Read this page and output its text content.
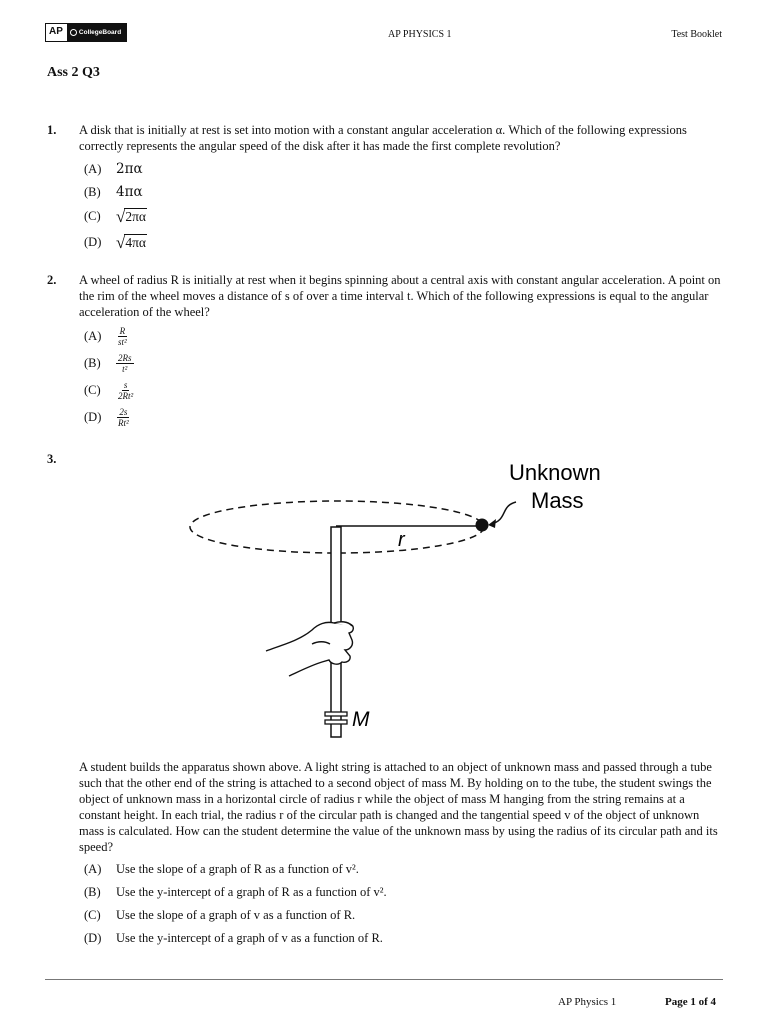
AP	CollegeBoard	AP PHYSICS 1	Test Booklet
Ass 2 Q3
1. A disk that is initially at rest is set into motion with a constant angular acceleration α. Which of the following expressions correctly represents the angular speed of the disk after it has made the first complete revolution?
(A)	2πα
(B)	4πα
(C) √ 2πα
(D) √ 4πα
2. A wheel of radius R is initially at rest when it begins spinning about a central axis with constant angular acceleration. A point on the rim of the wheel moves a distance of s of over a time interval t. Which of the following expressions is equal to the angular acceleration of the wheel?
(A)	$\frac{R}{\text{st²}}$
(B)	$\frac{2Rs}{\text{t²}}$
(C)	$\frac{s}{\text{2Rt²}}$
(D)	$\frac{2s}{\text{Rt²}}$
3.
Unknown
Mass
r
M
A student builds the apparatus shown above. A light string is attached to an object of unknown mass and passed through a tube such that the other end of the string is attached to a second object of mass M. By holding on to the tube, the student swings the object of unknown mass in a horizontal circle of radius r while the object of mass M hanging from the string remains at a constant height. In each trial, the radius r of the circular path is changed and the tangential speed v of the object of unknown mass is calculated. How can the student determine the value of the unknown mass by using the radius of its circular path and its speed?
(A)	Use the slope of a graph of R as a function of v².
(B)	Use the y-intercept of a graph of R as a function of v².
(C)	Use the slope of a graph of v as a function of R.
(D)	Use the y-intercept of a graph of v as a function of R.
AP Physics 1	Page 1 of 4
